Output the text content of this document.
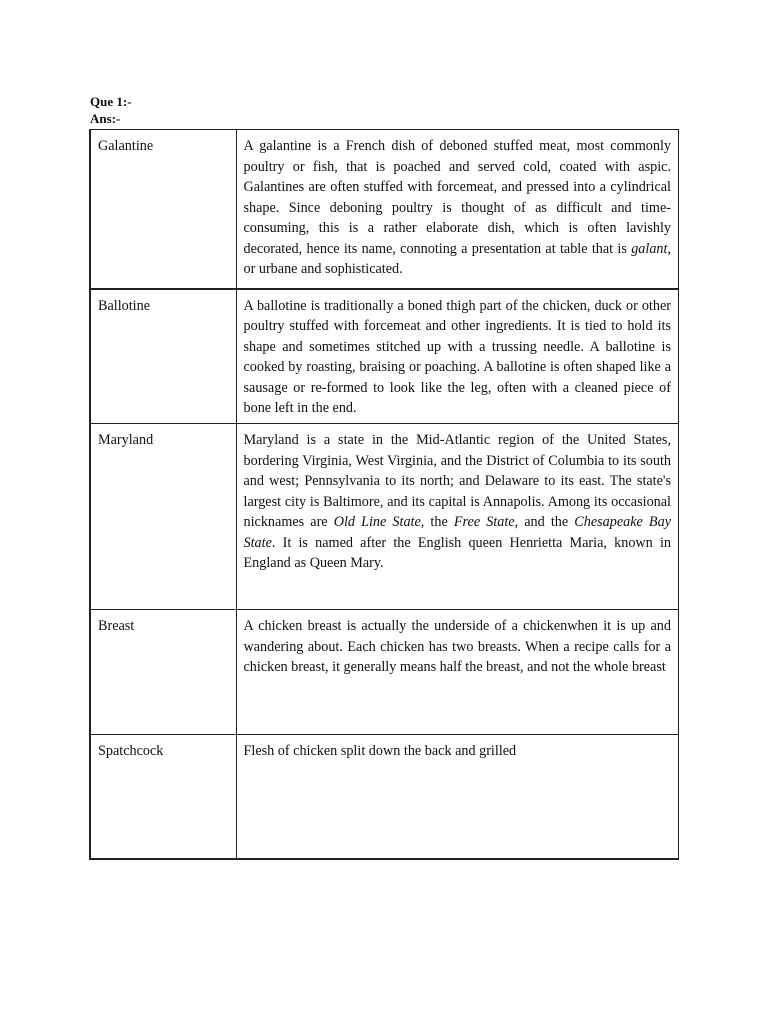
Que 1:-
Ans:-
Galantine	A galantine is a French dish of deboned stuffed meat, most commonly poultry or fish, that is poached and served cold, coated with aspic. Galantines are often stuffed with forcemeat, and pressed into a cylindrical shape. Since deboning poultry is thought of as difficult and time-consuming, this is a rather elaborate dish, which is often lavishly decorated, hence its name, connoting a presentation at table that is galant, or urbane and sophisticated.
Ballotine	A ballotine is traditionally a boned thigh part of the chicken, duck or other poultry stuffed with forcemeat and other ingredients. It is tied to hold its shape and sometimes stitched up with a trussing needle. A ballotine is cooked by roasting, braising or poaching. A ballotine is often shaped like a sausage or re-formed to look like the leg, often with a cleaned piece of bone left in the end.
Maryland	Maryland is a state in the Mid-Atlantic region of the United States, bordering Virginia, West Virginia, and the District of Columbia to its south and west; Pennsylvania to its north; and Delaware to its east. The state's largest city is Baltimore, and its capital is Annapolis. Among its occasional nicknames are Old Line State, the Free State, and the Chesapeake Bay State. It is named after the English queen Henrietta Maria, known in England as Queen Mary.
Breast	A chicken breast is actually the underside of a chickenwhen it is up and wandering about. Each chicken has two breasts. When a recipe calls for a chicken breast, it generally means half the breast, and not the whole breast
Spatchcock	Flesh of chicken split down the back and grilled
